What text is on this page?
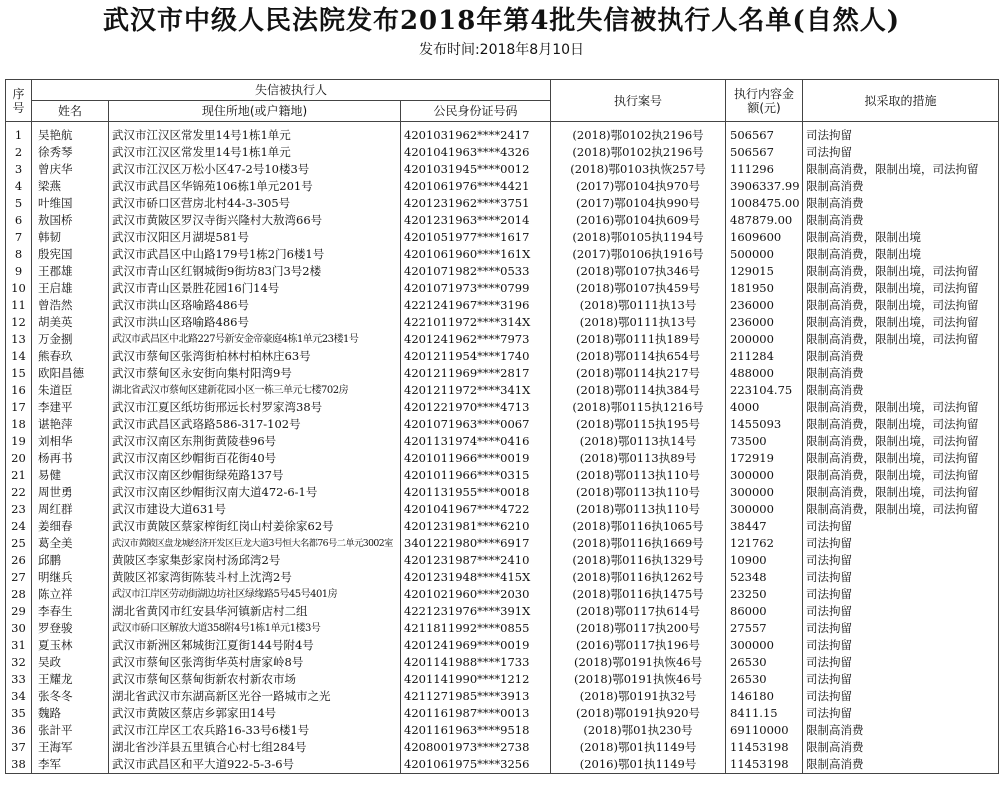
武汉市中级人民法院发布2018年第4批失信被执行人名单(自然人)
发布时间:2018年8月10日
序号	失信被执行人			执行案号	执行内容金额(元)	拟采取的措施
	姓名	现住所地(或户籍地)	公民身份证号码			
1	吴艳航	武汉市江汉区常发里14号1栋1单元	4201031962****2417	(2018)鄂0102执2196号	506567	司法拘留
2	徐秀琴	武汉市江汉区常发里14号1栋1单元	4201041963****4326	(2018)鄂0102执2196号	506567	司法拘留
3	曾庆华	武汉市江汉区万松小区47-2号10楼3号	4201031945****0012	(2018)鄂0103执恢257号	111296	限制高消费，限制出境，司法拘留
4	梁燕	武汉市武昌区华锦苑106栋1单元201号	4201061976****4421	(2017)鄂0104执970号	3906337.99	限制高消费
5	叶维国	武汉市硚口区营房北村44-3-305号	4201231962****3751	(2017)鄂0104执990号	1008475.00	限制高消费
6	敖国桥	武汉市黄陂区罗汉寺街兴隆村大敖湾66号	4201231963****2014	(2016)鄂0104执609号	487879.00	限制高消费
7	韩韧	武汉市汉阳区月湖堤581号	4201051977****1617	(2018)鄂0105执1194号	1609600	限制高消费，限制出境
8	殷宪国	武汉市武昌区中山路179号1栋2门6楼1号	4201061960****161X	(2017)鄂0106执1916号	500000	限制高消费，限制出境
9	王郡雄	武汉市青山区红钢城街9街坊83门3号2楼	4201071982****0533	(2018)鄂0107执346号	129015	限制高消费，限制出境，司法拘留
10	王启雄	武汉市青山区景胜花园16门14号	4201071973****0799	(2018)鄂0107执459号	181950	限制高消费，限制出境，司法拘留
11	曾浩然	武汉市洪山区珞喻路486号	4221241967****3196	(2018)鄂0111执13号	236000	限制高消费，限制出境，司法拘留
12	胡美英	武汉市洪山区珞喻路486号	4221011972****314X	(2018)鄂0111执13号	236000	限制高消费，限制出境，司法拘留
13	万金捌	武汉市武昌区中北路227号新安金帝豪庭4栋1单元23楼1号	4201241962****7973	(2018)鄂0111执189号	200000	限制高消费，限制出境，司法拘留
14	熊春玖	武汉市蔡甸区张湾街柏林村柏林庄63号	4201211954****1740	(2018)鄂0114执654号	211284	限制高消费
15	欧阳昌德	武汉市蔡甸区永安街向集村阳湾9号	4201211969****2817	(2018)鄂0114执217号	488000	限制高消费
16	朱道臣	湖北省武汉市蔡甸区建新花园小区一栋三单元七楼702房	4201211972****341X	(2018)鄂0114执384号	223104.75	限制高消费
17	李建平	武汉市江夏区纸坊街邢远长村罗家湾38号	4201221970****4713	(2018)鄂0115执1216号	4000	限制高消费，限制出境，司法拘留
18	谌艳萍	武汉市武昌区武珞路586-317-102号	4201071963****0067	(2018)鄂0115执195号	1455093	限制高消费，限制出境，司法拘留
19	刘相华	武汉市汉南区东荆街黄陵巷96号	4201131974****0416	(2018)鄂0113执14号	73500	限制高消费，限制出境，司法拘留
20	杨再书	武汉市汉南区纱帽街百花街40号	4201011966****0019	(2018)鄂0113执89号	172919	限制高消费，限制出境，司法拘留
21	易健	武汉市汉南区纱帽街绿苑路137号	4201011966****0315	(2018)鄂0113执110号	300000	限制高消费，限制出境，司法拘留
22	周世勇	武汉市汉南区纱帽街汉南大道472-6-1号	4201131955****0018	(2018)鄂0113执110号	300000	限制高消费，限制出境，司法拘留
23	周红群	武汉市建设大道631号	4201041967****4722	(2018)鄂0113执110号	300000	限制高消费，限制出境，司法拘留
24	姜细春	武汉市黄陂区蔡家榨街红岗山村姜徐家62号	4201231981****6210	(2018)鄂0116执1065号	38447	司法拘留
25	葛全美	武汉市黄陂区盘龙城经济开发区巨龙大道3号恒大名都76号二单元3002室	3401221980****6917	(2018)鄂0116执1669号	121762	司法拘留
26	邱鹏	黄陂区李家集彭家岗村汤邱湾2号	4201231987****2410	(2018)鄂0116执1329号	10900	司法拘留
27	明继兵	黄陂区祁家湾街陈装斗村上沈湾2号	4201231948****415X	(2018)鄂0116执1262号	52348	司法拘留
28	陈立祥	武汉市江岸区劳动街湖边坊社区绿缘路5号45号401房	4201021960****2030	(2018)鄂0116执1475号	23250	司法拘留
29	李春生	湖北省黄冈市红安县华河镇新店村二组	4221231976****391X	(2018)鄂0117执614号	86000	司法拘留
30	罗登骏	武汉市硚口区解放大道358附4号1栋1单元1楼3号	4211811992****0855	(2018)鄂0117执200号	27557	司法拘留
31	夏玉林	武汉市新洲区邾城街江夏街144号附4号	4201241969****0019	(2016)鄂0117执196号	300000	司法拘留
32	吴政	武汉市蔡甸区张湾街华英村唐家岭8号	4201141988****1733	(2018)鄂0191执恢46号	26530	司法拘留
33	王耀龙	武汉市蔡甸区蔡甸街新农村新农市场	4201141990****1212	(2018)鄂0191执恢46号	26530	司法拘留
34	张冬冬	湖北省武汉市东湖高新区光谷一路城市之光	4211271985****3913	(2018)鄂0191执32号	146180	司法拘留
35	魏路	武汉市黄陂区蔡店乡郭家田14号	4201161987****0013	(2018)鄂0191执920号	8411.15	司法拘留
36	张計平	武汉市江岸区工农兵路16-33号6楼1号	4201161963****9518	(2018)鄂01执230号	69110000	限制高消费
37	王海军	湖北省沙洋县五里镇合心村七组284号	4208001973****2738	(2018)鄂01执1149号	11453198	限制高消费
38	李军	武汉市武昌区和平大道922-5-3-6号	4201061975****3256	(2016)鄂01执1149号	11453198	限制高消费
